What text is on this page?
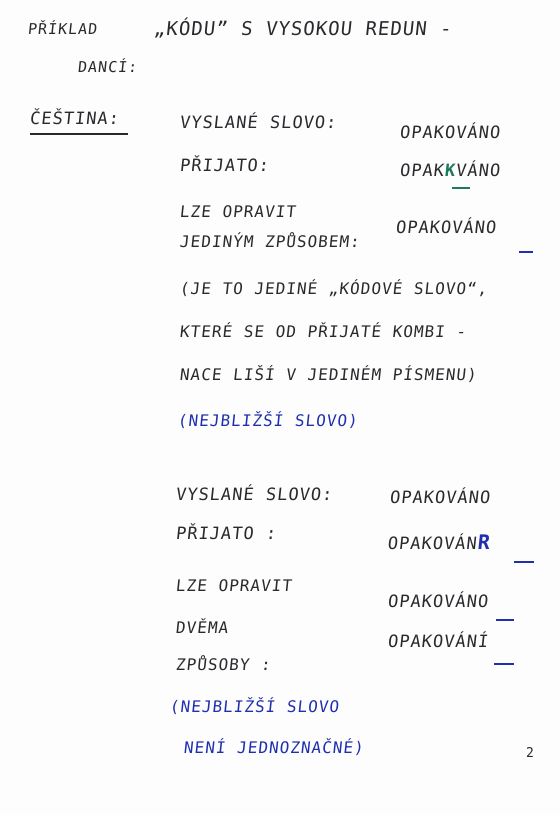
PŘÍKLAD	„KÓDU” S VYSOKOU REDUN -
DANCÍ:
ČEŠTINA:	VYSLANÉ SLOVO:	OPAKOVÁNO
PŘIJATO:	OPAKKVÁNO
LZE OPRAVIT
JEDINÝM ZPŮSOBEM:
OPAKOVÁNO
(JE TO JEDINÉ „KÓDOVÉ SLOVO“,
KTERÉ SE OD PŘIJATÉ KOMBI -
NACE LIŠÍ V JEDINÉM PÍSMENU)
(NEJBLIŽŠÍ SLOVO)
VYSLANÉ SLOVO:	OPAKOVÁNO
PŘIJATO :	OPAKOVÁNR
LZE OPRAVIT
DVĚMA
ZPŮSOBY :
OPAKOVÁNO
OPAKOVÁNÍ
(NEJBLIŽŠÍ SLOVO
NENÍ JEDNOZNAČNÉ)	2
